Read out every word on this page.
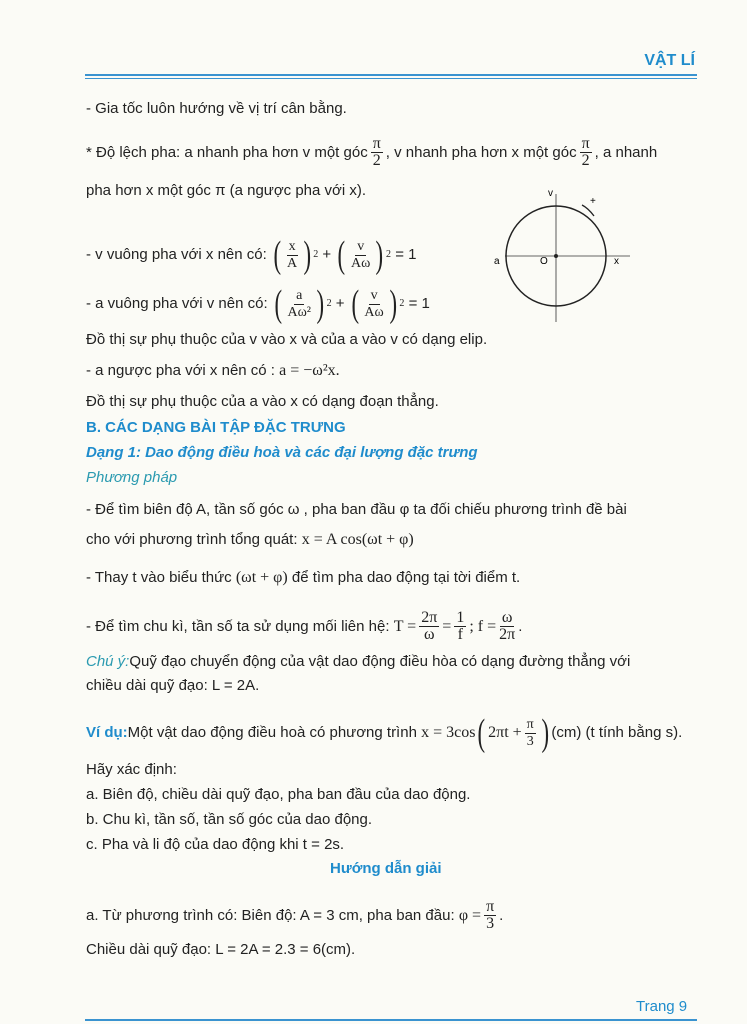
VẬT LÍ
- Gia tốc luôn hướng về vị trí cân bằng.
* Độ lệch pha: a nhanh pha hơn v một góc $\frac{\pi}{2}$ , v nhanh pha hơn x một góc $\frac{\pi}{2}$ , a nhanh
pha hơn x một góc π (a ngược pha với x).
- v vuông pha với x nên có:
( $\frac{x}{A}$ ) 2 + ( $\frac{v}{A\omega}$ ) 2
= 1
- a vuông pha với v nên có:
( $\frac{a}{\text{Aω²}}$ ) 2 + ( $\frac{v}{A\omega}$ ) 2
= 1
v
a	O	x
+
Đồ thị sự phụ thuộc của v vào x và của a vào v có dạng elip.
- a ngược pha với x nên có :
a = −ω²x.
Đồ thị sự phụ thuộc của a vào x có dạng đoạn thẳng.
B. CÁC DẠNG BÀI TẬP ĐẶC TRƯNG
Dạng 1: Dao động điều hoà và các đại lượng đặc trưng
Phương pháp
- Để tìm biên độ A, tần số góc ω , pha ban đầu φ ta đối chiếu phương trình đề bài
cho với phương trình tổng quát:
x = A cos(ωt + φ)
- Thay t vào biểu thức
(ωt + φ)
để tìm pha dao động tại tời điểm t.
- Để tìm chu kì, tần số ta sử dụng mối liên hệ:
$T = \frac{2\pi}{\omega} = \frac{1}{f}$ ; $f = \frac{\omega}{2\pi}$ .
Chú ý: Quỹ đạo chuyển động của vật dao động điều hòa có dạng đường thẳng với
chiều dài quỹ đạo: L = 2A.
Ví dụ: Một vật dao động điều hoà có phương trình
x = 3cos ( $2\pi t + \frac{\pi}{3}$ ) (cm) (t tính bằng s).
Hãy xác định:
a. Biên độ, chiều dài quỹ đạo, pha ban đầu của dao động.
b. Chu kì, tần số, tần số góc của dao động.
c. Pha và li độ của dao động khi t = 2s.
Hướng dẫn giải
a. Từ phương trình có: Biên độ: A = 3 cm, pha ban đầu:
$\varphi = \frac{\pi}{3}$ .
Chiều dài quỹ đạo: L = 2A = 2.3 = 6(cm).
Trang 9
